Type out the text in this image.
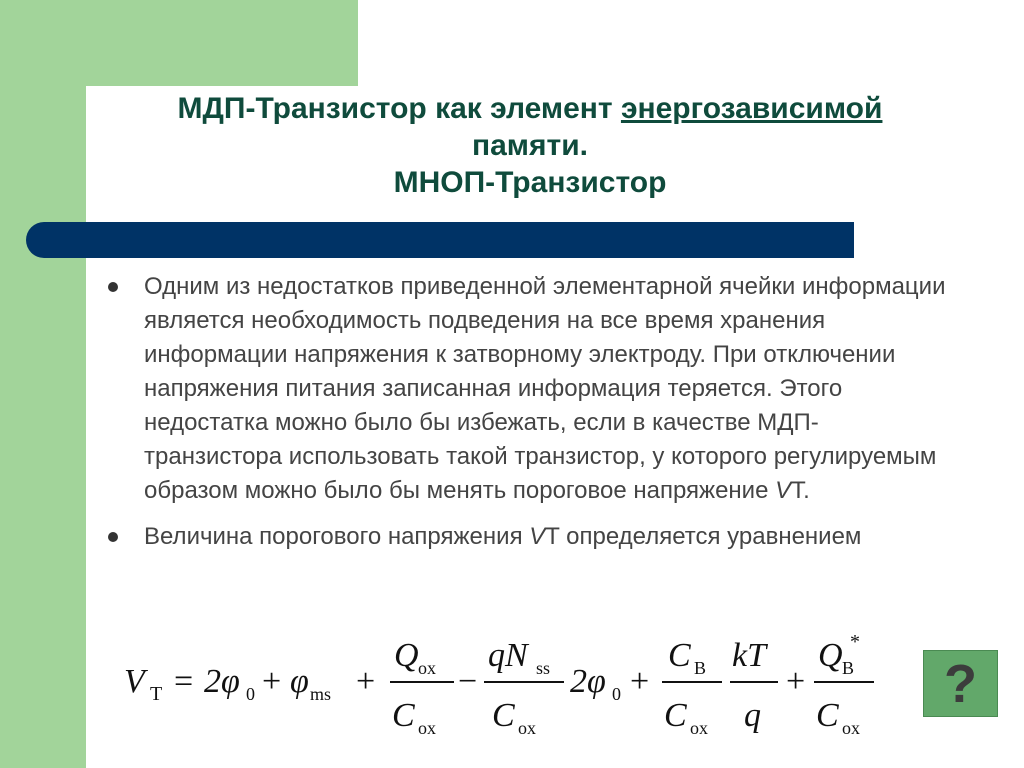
МДП-Транзистор как элемент энергозависимой
памяти.
МНОП-Транзистор
Одним из недостатков приведенной элементарной ячейки информации является необходимость подведения на все время хранения информации напряжения к затворному электроду. При отключении напряжения питания записанная информация теряется. Этого недостатка можно было бы избежать, если в качестве МДП-транзистора использовать такой транзистор, у которого регулируемым образом можно было бы менять пороговое напряжение VT.
Величина порогового напряжения VT определяется уравнением
V T = 2φ 0 + φ ms +
Q ox
C ox
−
qN ss
C ox
2φ 0 +
C B
C ox
kT
q
+
Q B
*
C ox
?
